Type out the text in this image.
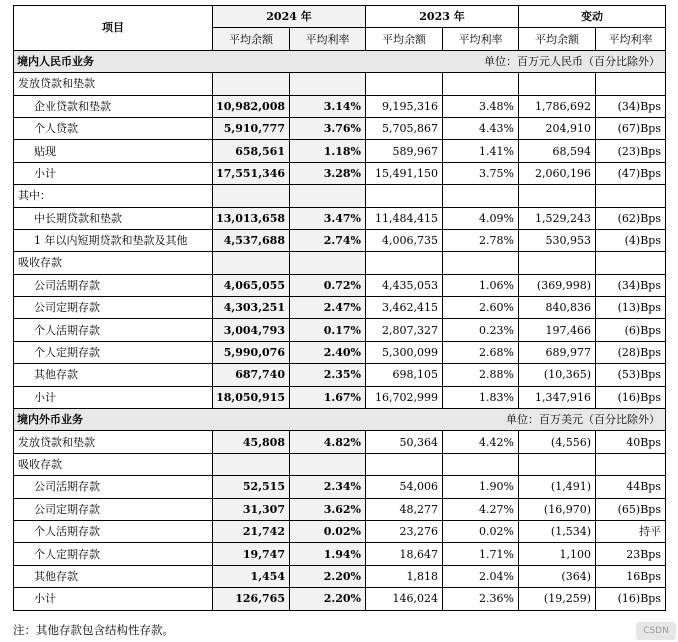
项目	2024 年		2023 年		变动	
	平均余额	平均利率	平均余额	平均利率	平均余额	平均利率

境内人民币业务 单位：百万元人民币（百分比除外）						

发放贷款和垫款						
企业贷款和垫款	10,982,008	3.14%	9,195,316	3.48%	1,786,692	(34)Bps
个人贷款	5,910,777	3.76%	5,705,867	4.43%	204,910	(67)Bps
贴现	658,561	1.18%	589,967	1.41%	68,594	(23)Bps
小计	17,551,346	3.28%	15,491,150	3.75%	2,060,196	(47)Bps
其中：						
中长期贷款和垫款	13,013,658	3.47%	11,484,415	4.09%	1,529,243	(62)Bps
1 年以内短期贷款和垫款及其他	4,537,688	2.74%	4,006,735	2.78%	530,953	(4)Bps
吸收存款						
公司活期存款	4,065,055	0.72%	4,435,053	1.06%	(369,998)	(34)Bps
公司定期存款	4,303,251	2.47%	3,462,415	2.60%	840,836	(13)Bps
个人活期存款	3,004,793	0.17%	2,807,327	0.23%	197,466	(6)Bps
个人定期存款	5,990,076	2.40%	5,300,099	2.68%	689,977	(28)Bps
其他存款	687,740	2.35%	698,105	2.88%	(10,365)	(53)Bps
小计	18,050,915	1.67%	16,702,999	1.83%	1,347,916	(16)Bps

境内外币业务 单位：百万美元（百分比除外）						

发放贷款和垫款	45,808	4.82%	50,364	4.42%	(4,556)	40Bps
吸收存款						
公司活期存款	52,515	2.34%	54,006	1.90%	(1,491)	44Bps
公司定期存款	31,307	3.62%	48,277	4.27%	(16,970)	(65)Bps
个人活期存款	21,742	0.02%	23,276	0.02%	(1,534)	持平
个人定期存款	19,747	1.94%	18,647	1.71%	1,100	23Bps
其他存款	1,454	2.20%	1,818	2.04%	(364)	16Bps
小计	126,765	2.20%	146,024	2.36%	(19,259)	(16)Bps
注：其他存款包含结构性存款。	CSDN
